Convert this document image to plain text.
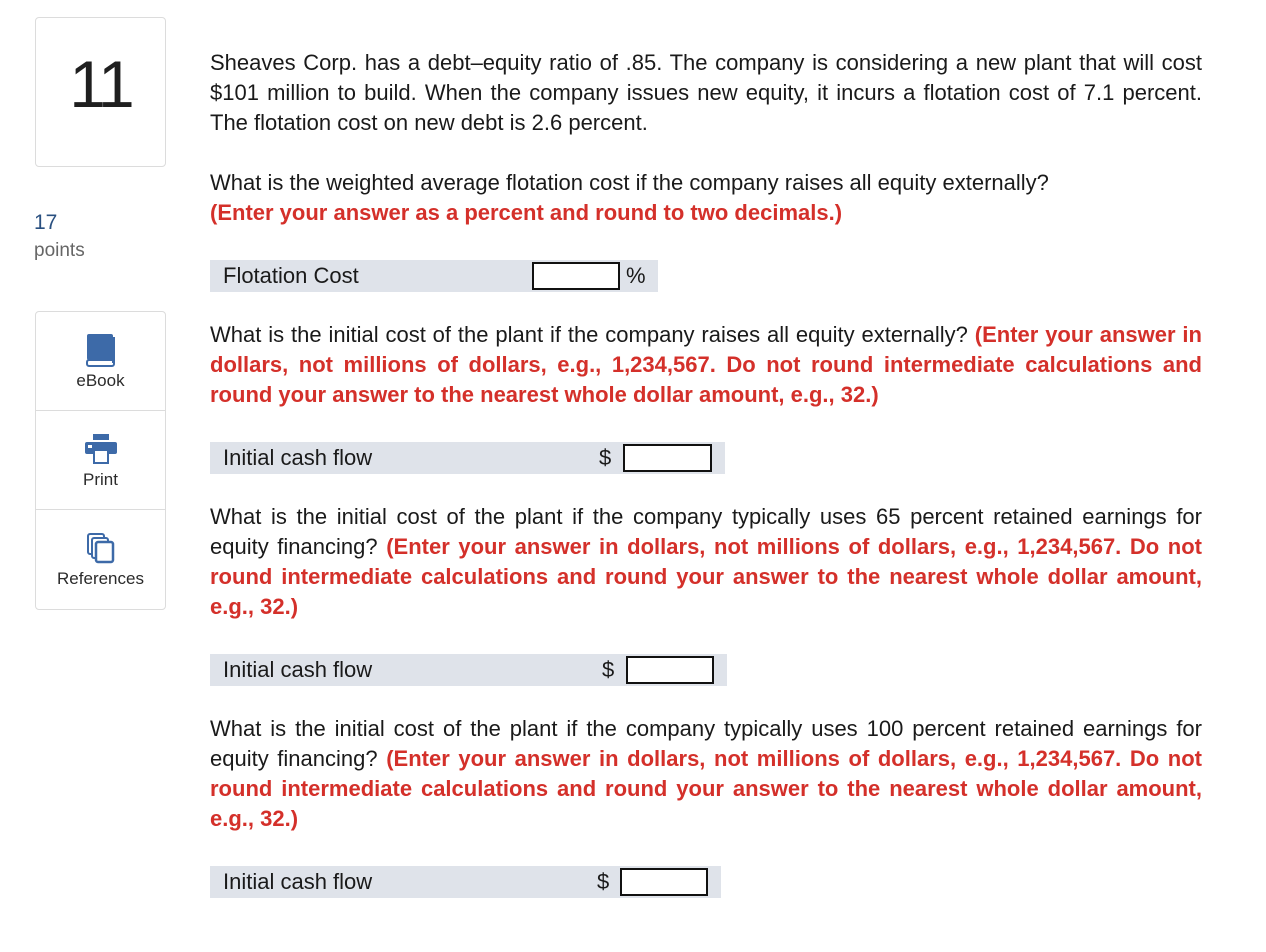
11
17
points
eBook
Print
References

Sheaves Corp. has a debt–equity ratio of .85. The company is considering a new plant that will cost $101 million to build. When the company issues new equity, it incurs a flotation cost of 7.1 percent. The flotation cost on new debt is 2.6 percent.

What is the weighted average flotation cost if the company raises all equity externally?
(Enter your answer as a percent and round to two decimals.)

What is the initial cost of the plant if the company raises all equity externally? (Enter your answer in dollars, not millions of dollars, e.g., 1,234,567. Do not round intermediate calculations and round your answer to the nearest whole dollar amount, e.g., 32.)

What is the initial cost of the plant if the company typically uses 65 percent retained earnings for equity financing? (Enter your answer in dollars, not millions of dollars, e.g., 1,234,567. Do not round intermediate calculations and round your answer to the nearest whole dollar amount, e.g., 32.)

What is the initial cost of the plant if the company typically uses 100 percent retained earnings for equity financing? (Enter your answer in dollars, not millions of dollars, e.g., 1,234,567. Do not round intermediate calculations and round your answer to the nearest whole dollar amount, e.g., 32.)

Flotation Cost	%
Initial cash flow	$
Initial cash flow	$
Initial cash flow	$
